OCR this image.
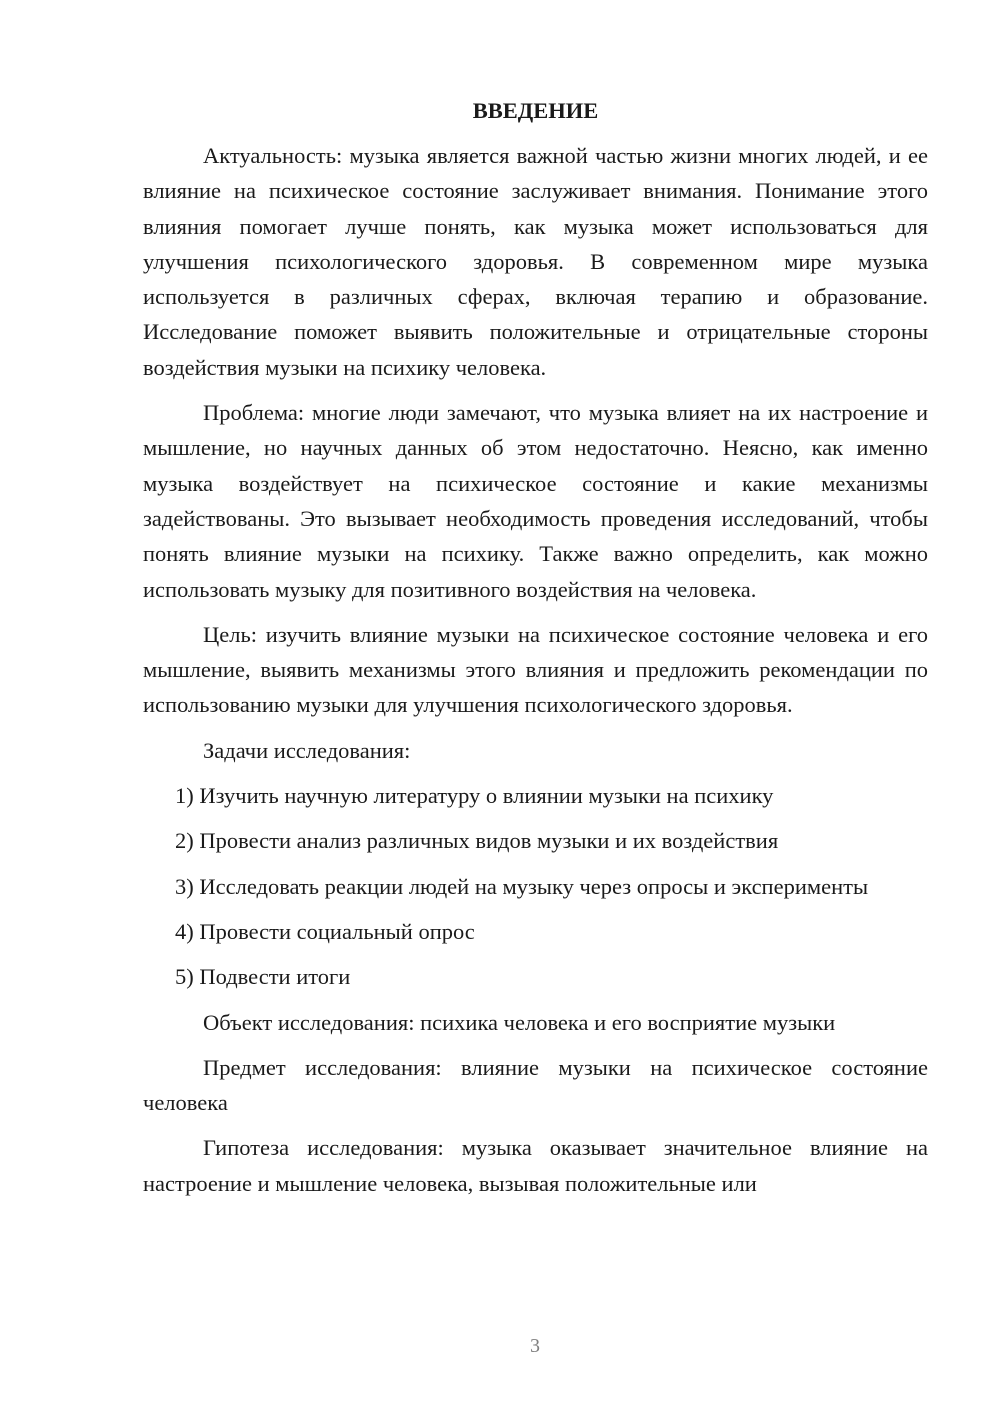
ВВЕДЕНИЕ

Актуальность: музыка является важной частью жизни многих людей, и ее влияние на психическое состояние заслуживает внимания. Понимание этого влияния помогает лучше понять, как музыка может использоваться для улучшения психологического здоровья. В современном мире музыка используется в различных сферах, включая терапию и образование. Исследование поможет выявить положительные и отрицательные стороны воздействия музыки на психику человека.

Проблема: многие люди замечают, что музыка влияет на их настроение и мышление, но научных данных об этом недостаточно. Неясно, как именно музыка воздействует на психическое состояние и какие механизмы задействованы. Это вызывает необходимость проведения исследований, чтобы понять влияние музыки на психику. Также важно определить, как можно использовать музыку для позитивного воздействия на человека.

Цель: изучить влияние музыки на психическое состояние человека и его мышление, выявить механизмы этого влияния и предложить рекомендации по использованию музыки для улучшения психологического здоровья.

Задачи исследования:

1) Изучить научную литературу о влиянии музыки на психику

2) Провести анализ различных видов музыки и их воздействия

3) Исследовать реакции людей на музыку через опросы и эксперименты

4) Провести социальный опрос

5) Подвести итоги

Объект исследования: психика человека и его восприятие музыки

Предмет исследования: влияние музыки на психическое состояние человека

Гипотеза исследования: музыка оказывает значительное влияние на настроение и мышление человека, вызывая положительные или

3
